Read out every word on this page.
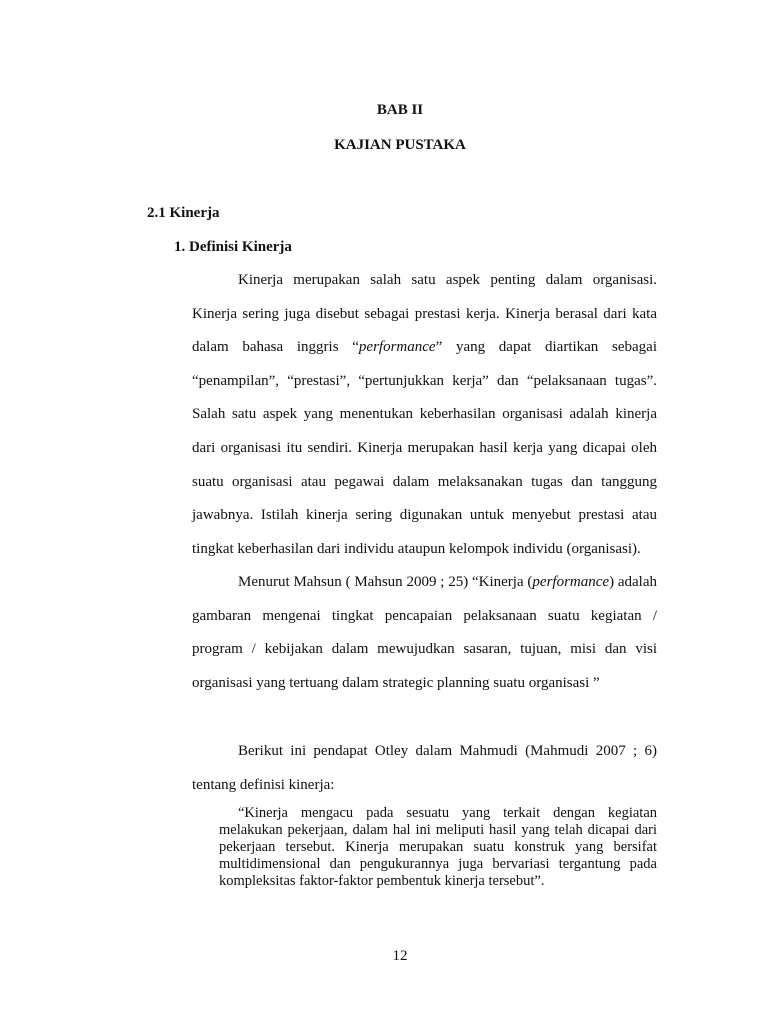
BAB II

KAJIAN PUSTAKA

2.1 Kinerja

1. Definisi Kinerja

Kinerja merupakan salah satu aspek penting dalam organisasi. Kinerja sering juga disebut sebagai prestasi kerja. Kinerja berasal dari kata dalam bahasa inggris “performance” yang dapat diartikan sebagai “penampilan”, “prestasi”, “pertunjukkan kerja” dan “pelaksanaan tugas”. Salah satu aspek yang menentukan keberhasilan organisasi adalah kinerja dari organisasi itu sendiri. Kinerja merupakan hasil kerja yang dicapai oleh suatu organisasi atau pegawai dalam melaksanakan tugas dan tanggung jawabnya. Istilah kinerja sering digunakan untuk menyebut prestasi atau tingkat keberhasilan dari individu ataupun kelompok individu (organisasi).

Menurut Mahsun ( Mahsun 2009 ; 25) “Kinerja (performance) adalah gambaran mengenai tingkat pencapaian pelaksanaan suatu kegiatan / program / kebijakan dalam mewujudkan sasaran, tujuan, misi dan visi organisasi yang tertuang dalam strategic planning suatu organisasi ”

Berikut ini pendapat Otley dalam Mahmudi (Mahmudi 2007 ; 6) tentang definisi kinerja:

“Kinerja mengacu pada sesuatu yang terkait dengan kegiatan melakukan pekerjaan, dalam hal ini meliputi hasil yang telah dicapai dari pekerjaan tersebut. Kinerja merupakan suatu konstruk yang bersifat multidimensional dan pengukurannya juga bervariasi tergantung pada kompleksitas faktor-faktor pembentuk kinerja tersebut”.

12
